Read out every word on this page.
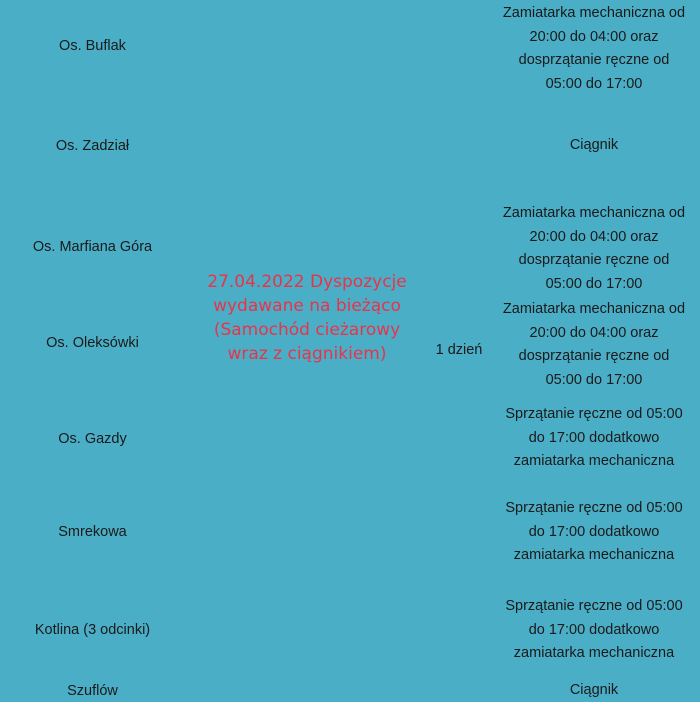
Os. Buflak
Os. Zadział
Os. Marfiana Góra
Os. Oleksówki
Os. Gazdy
Smrekowa
Kotlina (3 odcinki)
Szuflów
27.04.2022 Dyspozycje
wydawane na bieżąco
(Samochód cieżarowy
wraz z ciągnikiem)	1 dzień
Zamiatarka mechaniczna od
20:00 do 04:00 oraz
dosprzątanie ręczne od
05:00 do 17:00
Ciągnik
Zamiatarka mechaniczna od
20:00 do 04:00 oraz
dosprzątanie ręczne od
05:00 do 17:00
Zamiatarka mechaniczna od
20:00 do 04:00 oraz
dosprzątanie ręczne od
05:00 do 17:00
Sprzątanie ręczne od 05:00
do 17:00 dodatkowo
zamiatarka mechaniczna
Sprzątanie ręczne od 05:00
do 17:00 dodatkowo
zamiatarka mechaniczna
Sprzątanie ręczne od 05:00
do 17:00 dodatkowo
zamiatarka mechaniczna
Ciągnik
